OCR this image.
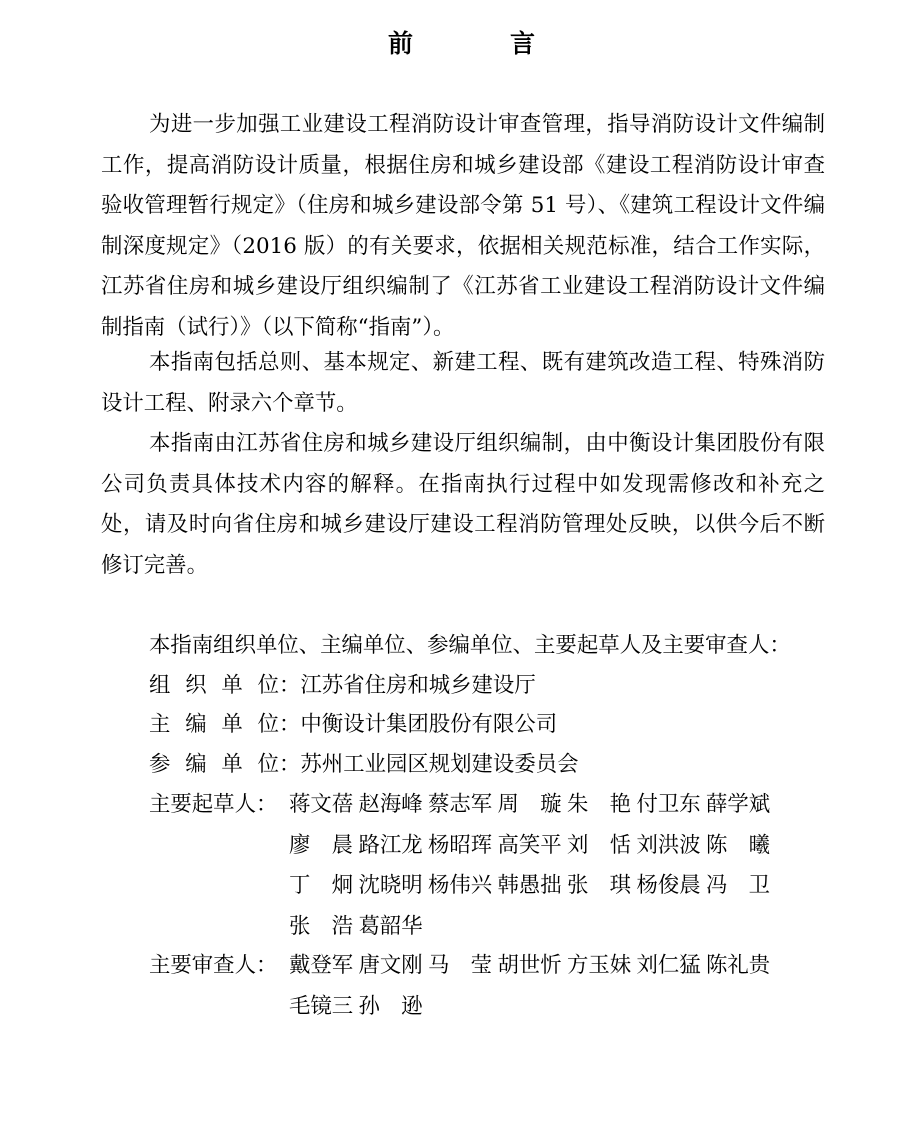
前　言

为进一步加强工业建设工程消防设计审查管理，指导消防设计文件编制工作，提高消防设计质量，根据住房和城乡建设部《建设工程消防设计审查验收管理暂行规定》（住房和城乡建设部令第 51 号）、《建筑工程设计文件编制深度规定》（2016 版）的有关要求，依据相关规范标准，结合工作实际，江苏省住房和城乡建设厅组织编制了《江苏省工业建设工程消防设计文件编制指南（试行）》（以下简称“指南”）。

本指南包括总则、基本规定、新建工程、既有建筑改造工程、特殊消防设计工程、附录六个章节。

本指南由江苏省住房和城乡建设厅组织编制，由中衡设计集团股份有限公司负责具体技术内容的解释。在指南执行过程中如发现需修改和补充之处，请及时向省住房和城乡建设厅建设工程消防管理处反映，以供今后不断修订完善。

本指南组织单位、主编单位、参编单位、主要起草人及主要审查人：
组织单位：江苏省住房和城乡建设厅
主编单位：中衡设计集团股份有限公司
参编单位：苏州工业园区规划建设委员会
主要起草人： 蒋文蓓 赵海峰 蔡志军 周璇 朱艳 付卫东 薛学斌
廖晨 路江龙 杨昭珲 高笑平 刘恬 刘洪波 陈曦
丁炯 沈晓明 杨伟兴 韩愚拙 张琪 杨俊晨 冯卫
张浩 葛韶华
主要审查人： 戴登军 唐文刚 马莹 胡世忻 方玉妹 刘仁猛 陈礼贵
毛镜三 孙逊
